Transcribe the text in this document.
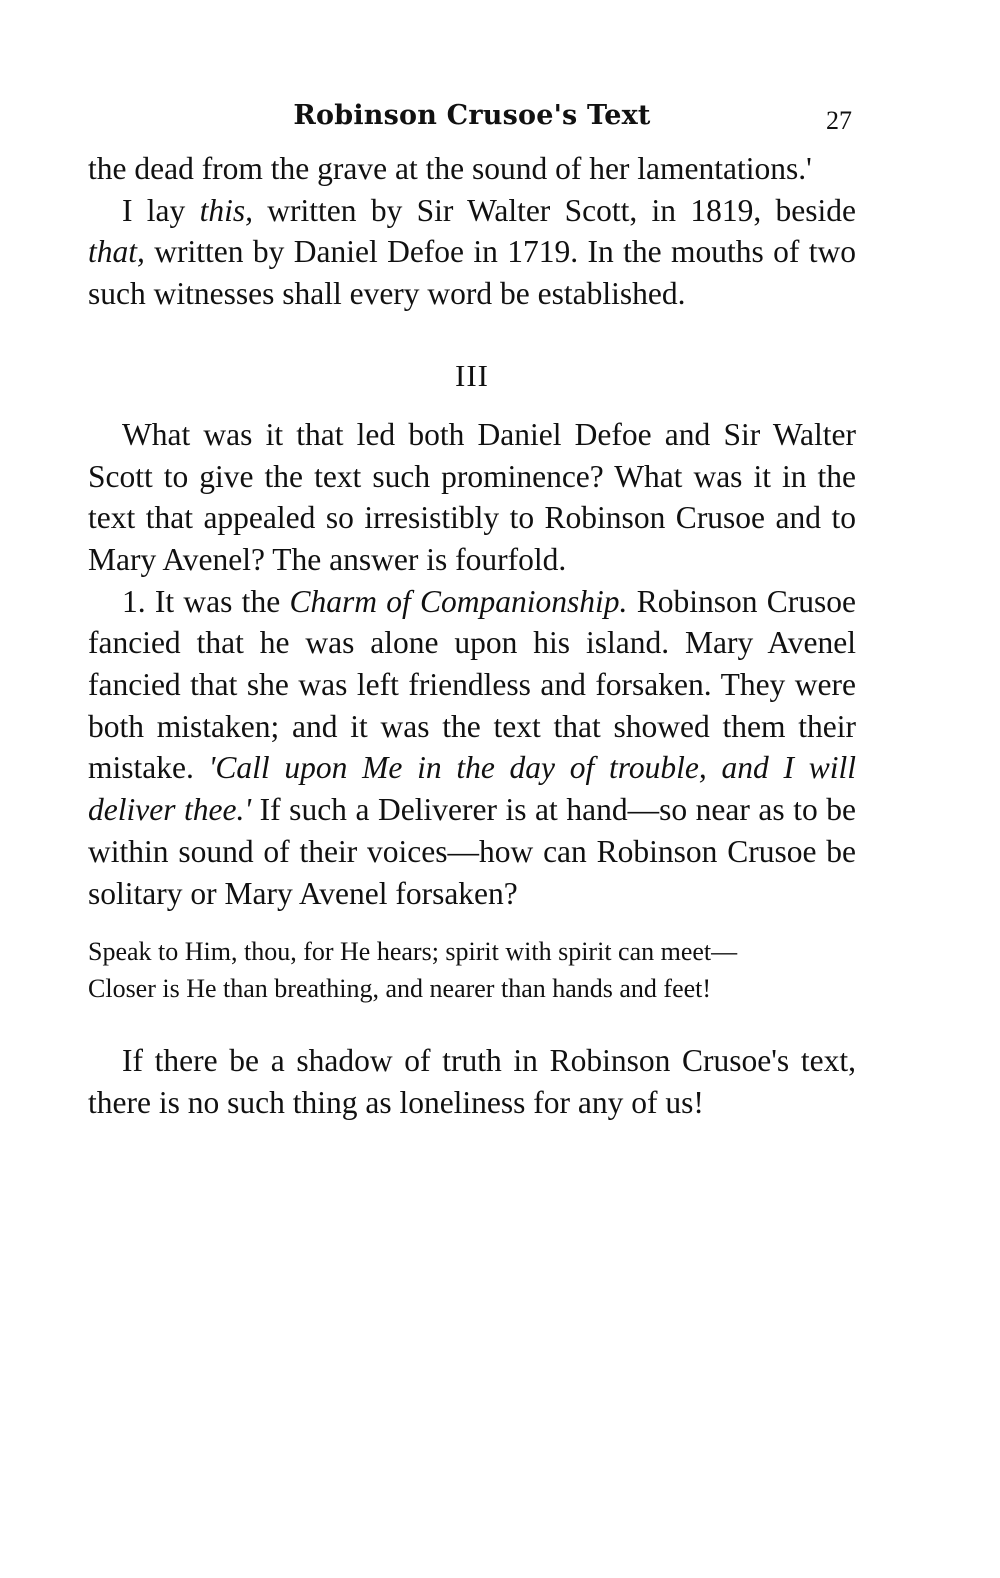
Robinson Crusoe's Text	27

the dead from the grave at the sound of her lamentations.'

I lay this, written by Sir Walter Scott, in 1819, beside that, written by Daniel Defoe in 1719. In the mouths of two such witnesses shall every word be established.

III

What was it that led both Daniel Defoe and Sir Walter Scott to give the text such prominence? What was it in the text that appealed so irresistibly to Robinson Crusoe and to Mary Avenel? The answer is fourfold.

1. It was the Charm of Companionship. Robinson Crusoe fancied that he was alone upon his island. Mary Avenel fancied that she was left friendless and forsaken. They were both mistaken; and it was the text that showed them their mistake. 'Call upon Me in the day of trouble, and I will deliver thee.' If such a Deliverer is at hand—so near as to be within sound of their voices—how can Robinson Crusoe be solitary or Mary Avenel forsaken?

Speak to Him, thou, for He hears; spirit with spirit can meet—

Closer is He than breathing, and nearer than hands and feet!

If there be a shadow of truth in Robinson Crusoe's text, there is no such thing as loneliness for any of us!
